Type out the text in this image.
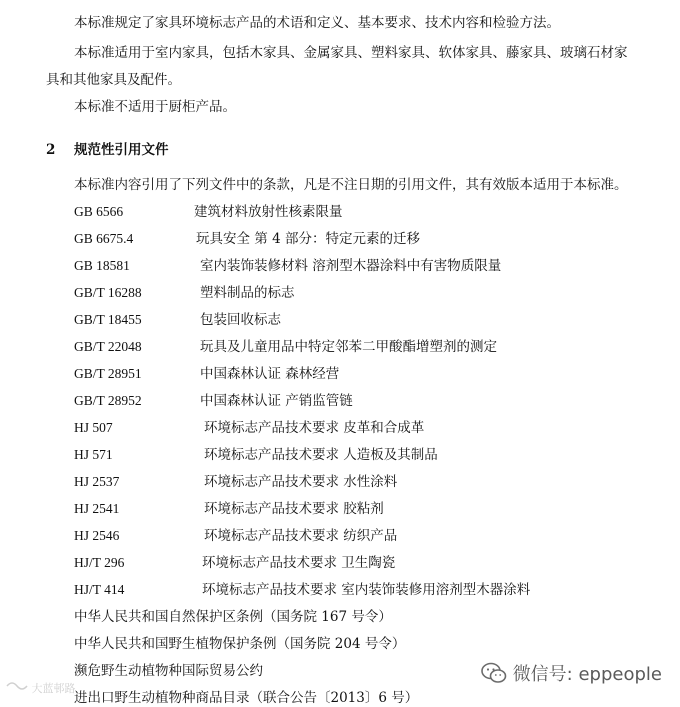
本标准规定了家具环境标志产品的术语和定义、基本要求、技术内容和检验方法。
本标准适用于室内家具，包括木家具、金属家具、塑料家具、软体家具、藤家具、玻璃石材家
具和其他家具及配件。
本标准不适用于厨柜产品。
2 规范性引用文件
本标准内容引用了下列文件中的条款，凡是不注日期的引用文件，其有效版本适用于本标准。
GB 6566	建筑材料放射性核素限量
GB 6675.4	玩具安全 第 4 部分：特定元素的迁移
GB 18581	室内装饰装修材料 溶剂型木器涂料中有害物质限量
GB/T 16288	塑料制品的标志
GB/T 18455	包装回收标志
GB/T 22048	玩具及儿童用品中特定邻苯二甲酸酯增塑剂的测定
GB/T 28951	中国森林认证 森林经营
GB/T 28952	中国森林认证 产销监管链
HJ 507	环境标志产品技术要求 皮革和合成革
HJ 571	环境标志产品技术要求 人造板及其制品
HJ 2537	环境标志产品技术要求 水性涂料
HJ 2541	环境标志产品技术要求 胶粘剂
HJ 2546	环境标志产品技术要求 纺织产品
HJ/T 296	环境标志产品技术要求 卫生陶瓷
HJ/T 414	环境标志产品技术要求 室内装饰装修用溶剂型木器涂料
中华人民共和国自然保护区条例（国务院 167 号令）
中华人民共和国野生植物保护条例（国务院 204 号令）
濒危野生动植物种国际贸易公约
进出口野生动植物种商品目录（联合公告〔2013〕6 号）
微信号: eppeople
大蓝邨路
